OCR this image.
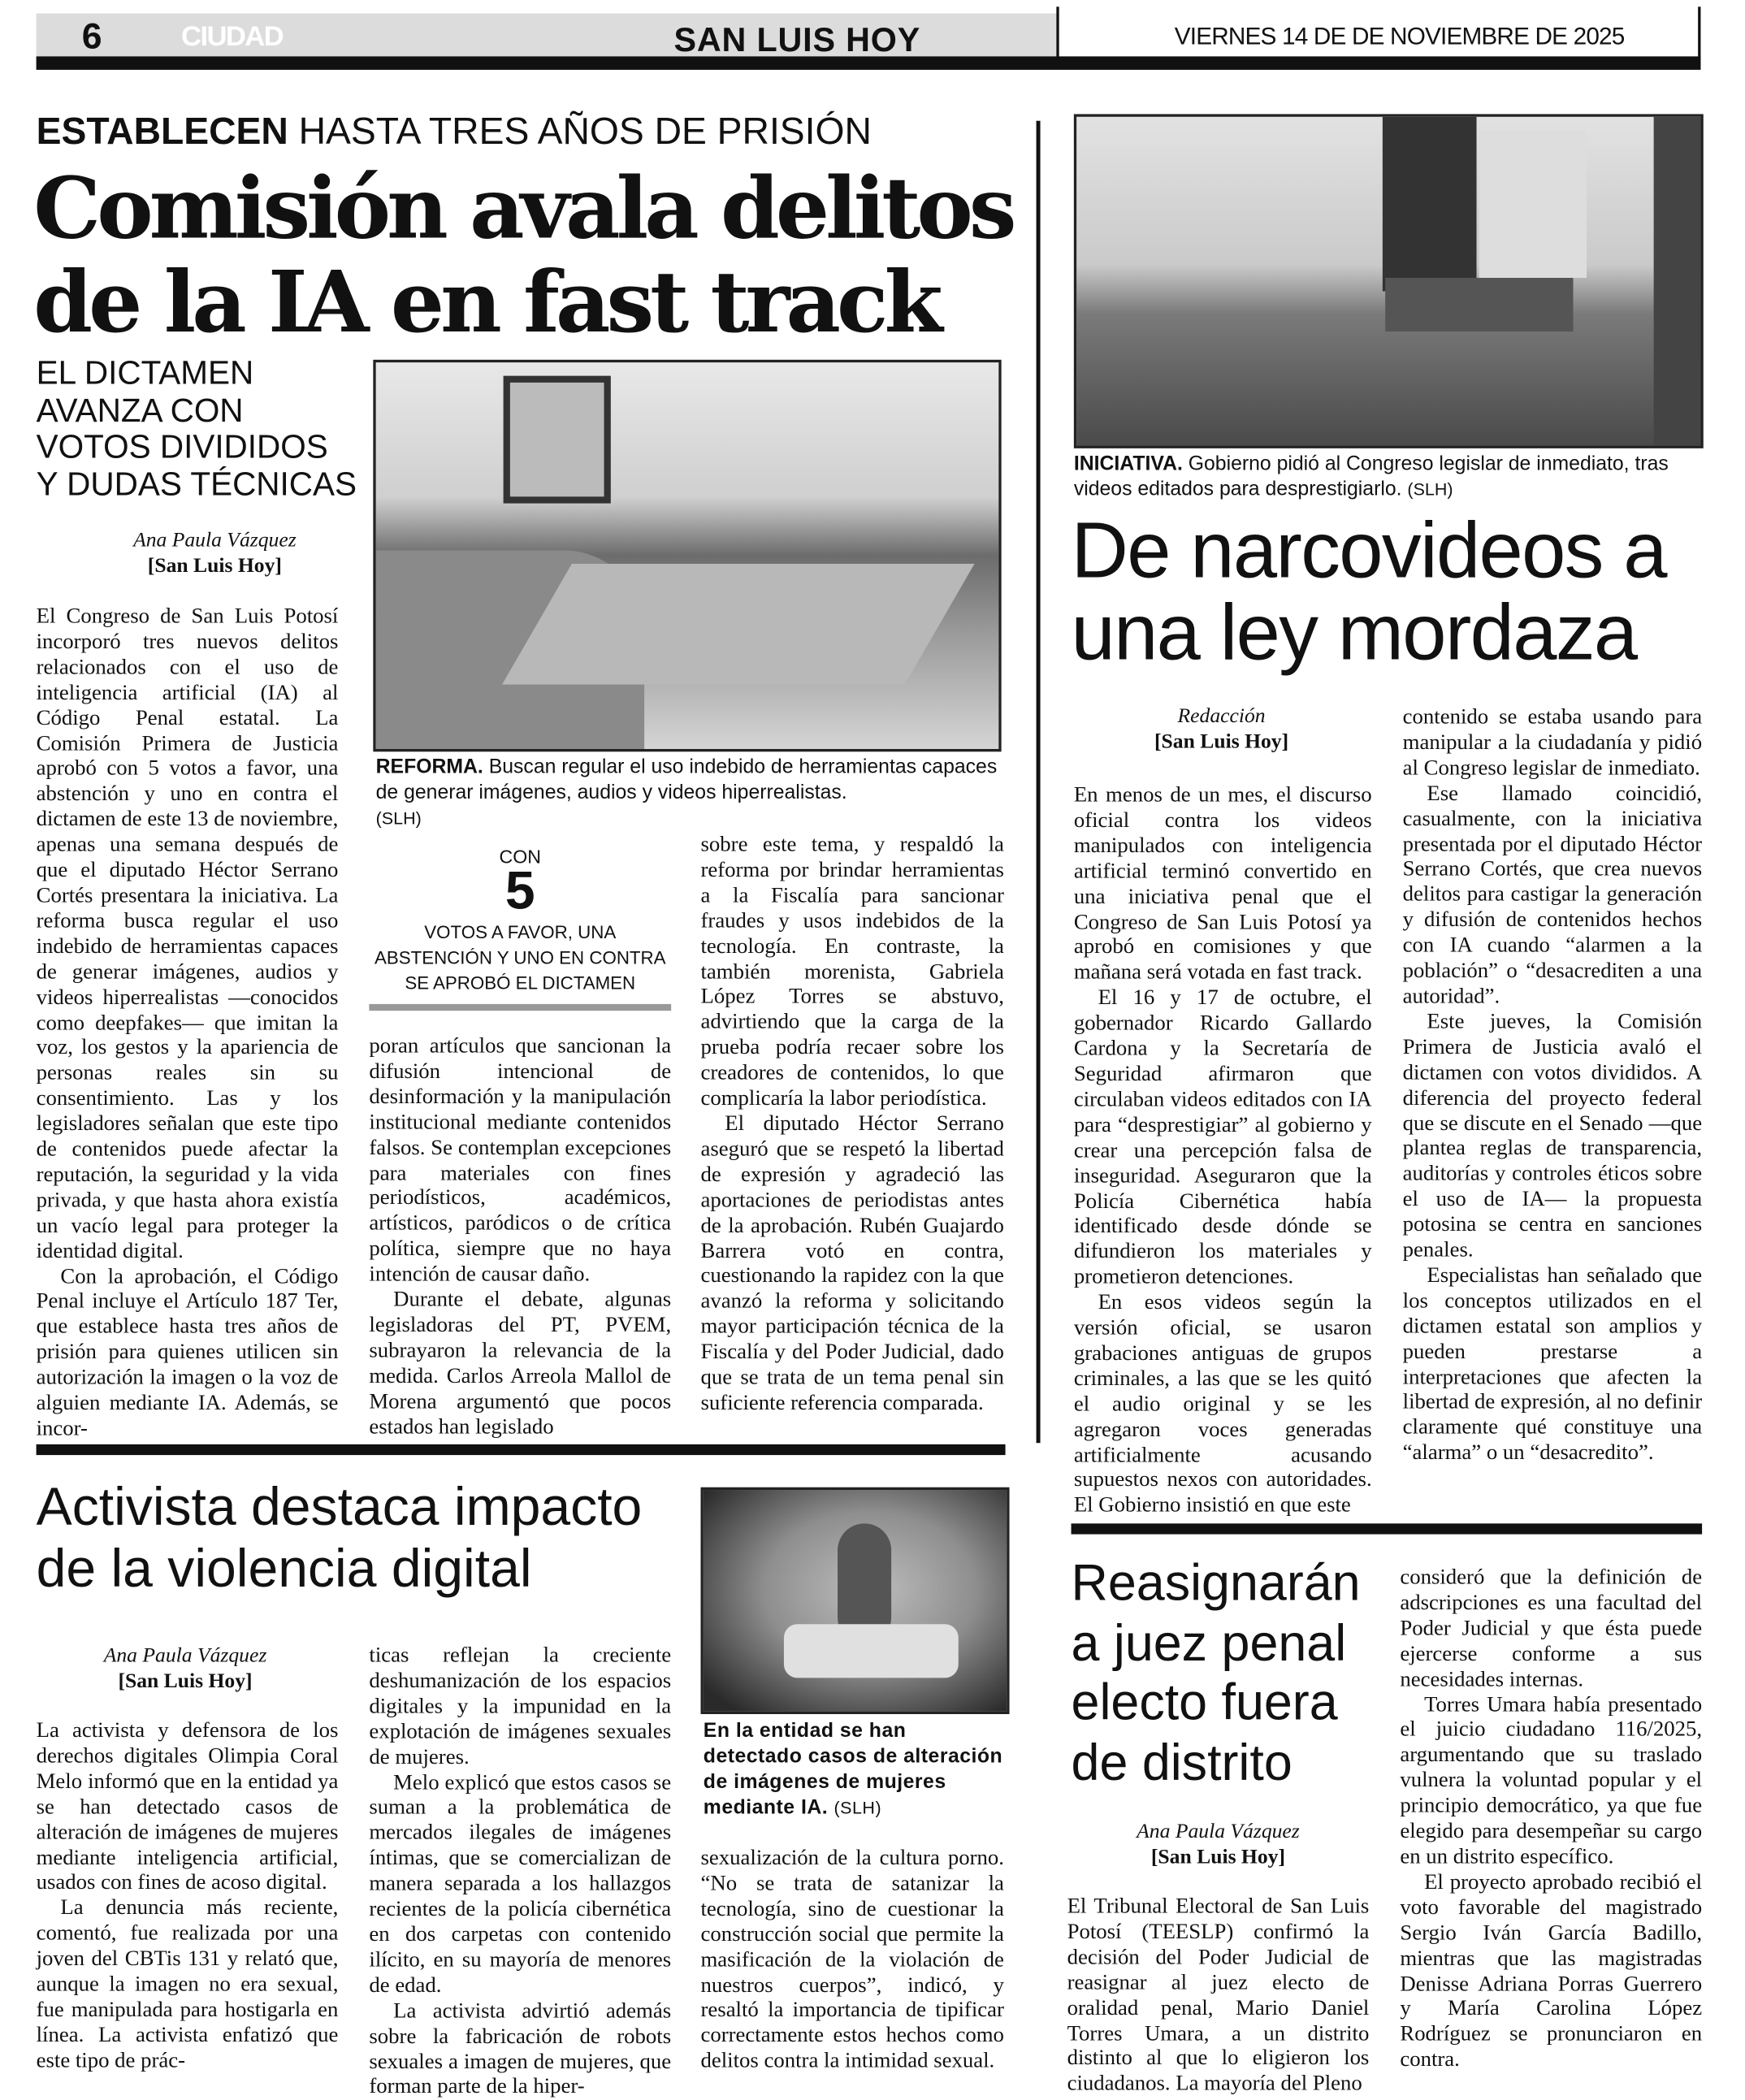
6	CIUDAD	SAN LUIS HOY	VIERNES 14 DE DE NOVIEMBRE DE 2025
ESTABLECEN HASTA TRES AÑOS DE PRISIÓN
Comisión avala delitos
de la IA en fast track
EL DICTAMEN
AVANZA CON
VOTOS DIVIDIDOS
Y DUDAS TÉCNICAS
Ana Paula Vázquez
[San Luis Hoy]
REFORMA. Buscan regular el uso indebido de herramientas capaces de generar imágenes, audios y videos hiperrealistas.
(SLH)
CON
5
VOTOS A FAVOR, UNA ABSTENCIÓN Y UNO EN CONTRA SE APROBÓ EL DICTAMEN

El Congreso de San Luis Potosí incorporó tres nuevos delitos relacionados con el uso de inteligencia artificial (IA) al Código Penal estatal. La Comisión Primera de Justicia aprobó con 5 votos a favor, una abstención y uno en contra el dictamen de este 13 de noviembre, apenas una semana después de que el diputado Héctor Serrano Cortés presentara la iniciativa. La reforma busca regular el uso indebido de herramientas capaces de generar imágenes, audios y videos hiperrealistas —conocidos como deepfakes— que imitan la voz, los gestos y la apariencia de personas reales sin su consentimiento. Las y los legisladores señalan que este tipo de contenidos puede afectar la reputación, la seguridad y la vida privada, y que hasta ahora existía un vacío legal para proteger la identidad digital.

Con la aprobación, el Código Penal incluye el Artículo 187 Ter, que establece hasta tres años de prisión para quienes utilicen sin autorización la imagen o la voz de alguien mediante IA. Además, se incor-

poran artículos que sancionan la difusión intencional de desinformación y la manipulación institucional mediante contenidos falsos. Se contemplan excepciones para materiales con fines periodísticos, académicos, artísticos, paródicos o de crítica política, siempre que no haya intención de causar daño.

Durante el debate, algunas legisladoras del PT, PVEM, subrayaron la relevancia de la medida. Carlos Arreola Mallol de Morena argumentó que pocos estados han legislado

sobre este tema, y respaldó la reforma por brindar herramientas a la Fiscalía para sancionar fraudes y usos indebidos de la tecnología. En contraste, la también morenista, Gabriela López Torres se abstuvo, advirtiendo que la carga de la prueba podría recaer sobre los creadores de contenidos, lo que complicaría la labor periodística.

El diputado Héctor Serrano aseguró que se respetó la libertad de expresión y agradeció las aportaciones de periodistas antes de la aprobación. Rubén Guajardo Barrera votó en contra, cuestionando la rapidez con la que avanzó la reforma y solicitando mayor participación técnica de la Fiscalía y del Poder Judicial, dado que se trata de un tema penal sin suficiente referencia comparada.

INICIATIVA. Gobierno pidió al Congreso legislar de inmediato, tras videos editados para desprestigiarlo. (SLH)
De narcovideos a
una ley mordaza
Redacción
[San Luis Hoy]

En menos de un mes, el discurso oficial contra los videos manipulados con inteligencia artificial terminó convertido en una iniciativa penal que el Congreso de San Luis Potosí ya aprobó en comisiones y que mañana será votada en fast track.

El 16 y 17 de octubre, el gobernador Ricardo Gallardo Cardona y la Secretaría de Seguridad afirmaron que circulaban videos editados con IA para “desprestigiar” al gobierno y crear una percepción falsa de inseguridad. Aseguraron que la Policía Cibernética había identificado desde dónde se difundieron los materiales y prometieron detenciones.

En esos videos según la versión oficial, se usaron grabaciones antiguas de grupos criminales, a las que se les quitó el audio original y se les agregaron voces generadas artificialmente acusando supuestos nexos con autoridades. El Gobierno insistió en que este

contenido se estaba usando para manipular a la ciudadanía y pidió al Congreso legislar de inmediato.

Ese llamado coincidió, casualmente, con la iniciativa presentada por el diputado Héctor Serrano Cortés, que crea nuevos delitos para castigar la generación y difusión de contenidos hechos con IA cuando “alarmen a la población” o “desacrediten a una autoridad”.

Este jueves, la Comisión Primera de Justicia avaló el dictamen con votos divididos. A diferencia del proyecto federal que se discute en el Senado —que plantea reglas de transparencia, auditorías y controles éticos sobre el uso de IA— la propuesta potosina se centra en sanciones penales.

Especialistas han señalado que los conceptos utilizados en el dictamen estatal son amplios y pueden prestarse a interpretaciones que afecten la libertad de expresión, al no definir claramente qué constituye una “alarma” o un “desacredito”.

Activista destaca impacto
de la violencia digital
Ana Paula Vázquez
[San Luis Hoy]

La activista y defensora de los derechos digitales Olimpia Coral Melo informó que en la entidad ya se han detectado casos de alteración de imágenes de mujeres mediante inteligencia artificial, usados con fines de acoso digital.

La denuncia más reciente, comentó, fue realizada por una joven del CBTis 131 y relató que, aunque la imagen no era sexual, fue manipulada para hostigarla en línea. La activista enfatizó que este tipo de prác-

ticas reflejan la creciente deshumanización de los espacios digitales y la impunidad en la explotación de imágenes sexuales de mujeres.

Melo explicó que estos casos se suman a la problemática de mercados ilegales de imágenes íntimas, que se comercializan de manera separada a los hallazgos recientes de la policía cibernética en dos carpetas con contenido ilícito, en su mayoría de menores de edad.

La activista advirtió además sobre la fabricación de robots sexuales a imagen de mujeres, que forman parte de la hiper-

En la entidad se han detectado casos de alteración de imágenes de mujeres mediante IA. (SLH)

sexualización de la cultura porno. “No se trata de satanizar la tecnología, sino de cuestionar la construcción social que permite la masificación de la violación de nuestros cuerpos”, indicó, y resaltó la importancia de tipificar correctamente estos hechos como delitos contra la intimidad sexual.

Reasignarán
a juez penal
electo fuera
de distrito
Ana Paula Vázquez
[San Luis Hoy]

El Tribunal Electoral de San Luis Potosí (TEESLP) confirmó la decisión del Poder Judicial de reasignar al juez electo de oralidad penal, Mario Daniel Torres Umara, a un distrito distinto al que lo eligieron los ciudadanos. La mayoría del Pleno

consideró que la definición de adscripciones es una facultad del Poder Judicial y que ésta puede ejercerse conforme a sus necesidades internas.

Torres Umara había presentado el juicio ciudadano 116/2025, argumentando que su traslado vulnera la voluntad popular y el principio democrático, ya que fue elegido para desempeñar su cargo en un distrito específico.

El proyecto aprobado recibió el voto favorable del magistrado Sergio Iván García Badillo, mientras que las magistradas Denisse Adriana Porras Guerrero y María Carolina López Rodríguez se pronunciaron en contra.
